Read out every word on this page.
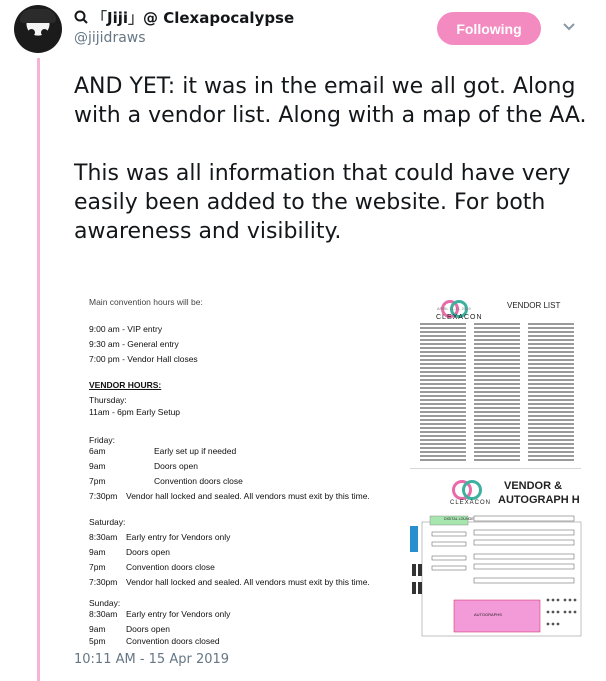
「Jiji」@ Clexapocalypse
@jijidraws
Following
AND YET: it was in the email we all got. Along with a vendor list. Along with a map of the AA.

This was all information that could have very easily been added to the website. For both awareness and visibility.
Main convention hours will be:
9:00 am - VIP entry
9:30 am - General entry
7:00 pm - Vendor Hall closes
VENDOR HOURS:
Thursday:
11am - 6pm Early Setup
Friday:
6am	Early set up if needed
9am	Doors open
7pm	Convention doors close
7:30pm Vendor hall locked and sealed. All vendors must exit by this time.
Saturday:
8:30am Early entry for Vendors only
9am Doors open
7pm Convention doors close
7:30pm Vendor hall locked and sealed. All vendors must exit by this time.
Sunday:
8:30am Early entry for Vendors only
9am Doors open
5pm Convention doors closed
CLEXACON
APRIL 11-13, 2019	VENDOR LIST
CLEXACON
VENDOR &
AUTOGRAPH H
DIGITAL LOUNGE
AUTOGRAPHS
10:11 AM - 15 Apr 2019
